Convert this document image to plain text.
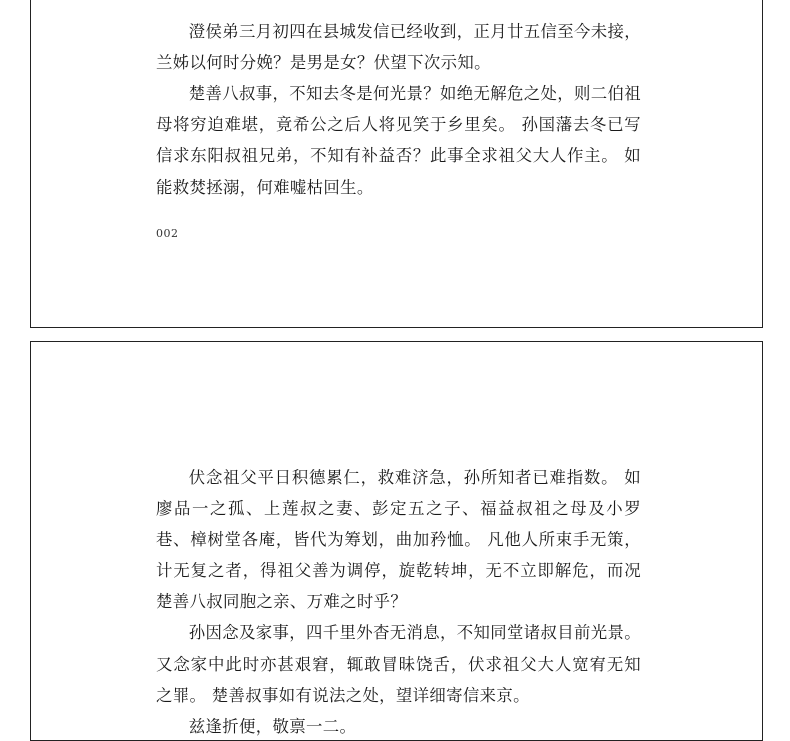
澄侯弟三月初四在县城发信已经收到，正月廿五信至今未接，兰姊以何时分娩？是男是女？伏望下次示知。

楚善八叔事，不知去冬是何光景？如绝无解危之处，则二伯祖母将穷迫难堪，竟希公之后人将见笑于乡里矣。 孙国藩去冬已写信求东阳叔祖兄弟，不知有补益否？此事全求祖父大人作主。 如能救焚拯溺，何难嘘枯回生。

002

伏念祖父平日积德累仁，救难济急，孙所知者已难指数。 如廖品一之孤、上莲叔之妻、彭定五之子、福益叔祖之母及小罗巷、樟树堂各庵，皆代为筹划，曲加矜恤。 凡他人所束手无策，计无复之者，得祖父善为调停，旋乾转坤，无不立即解危，而况楚善八叔同胞之亲、万难之时乎？

孙因念及家事，四千里外杳无消息，不知同堂诸叔目前光景。又念家中此时亦甚艰窘，辄敢冒昧饶舌，伏求祖父大人宽宥无知之罪。 楚善叔事如有说法之处，望详细寄信来京。

兹逢折便，敬禀一二。
